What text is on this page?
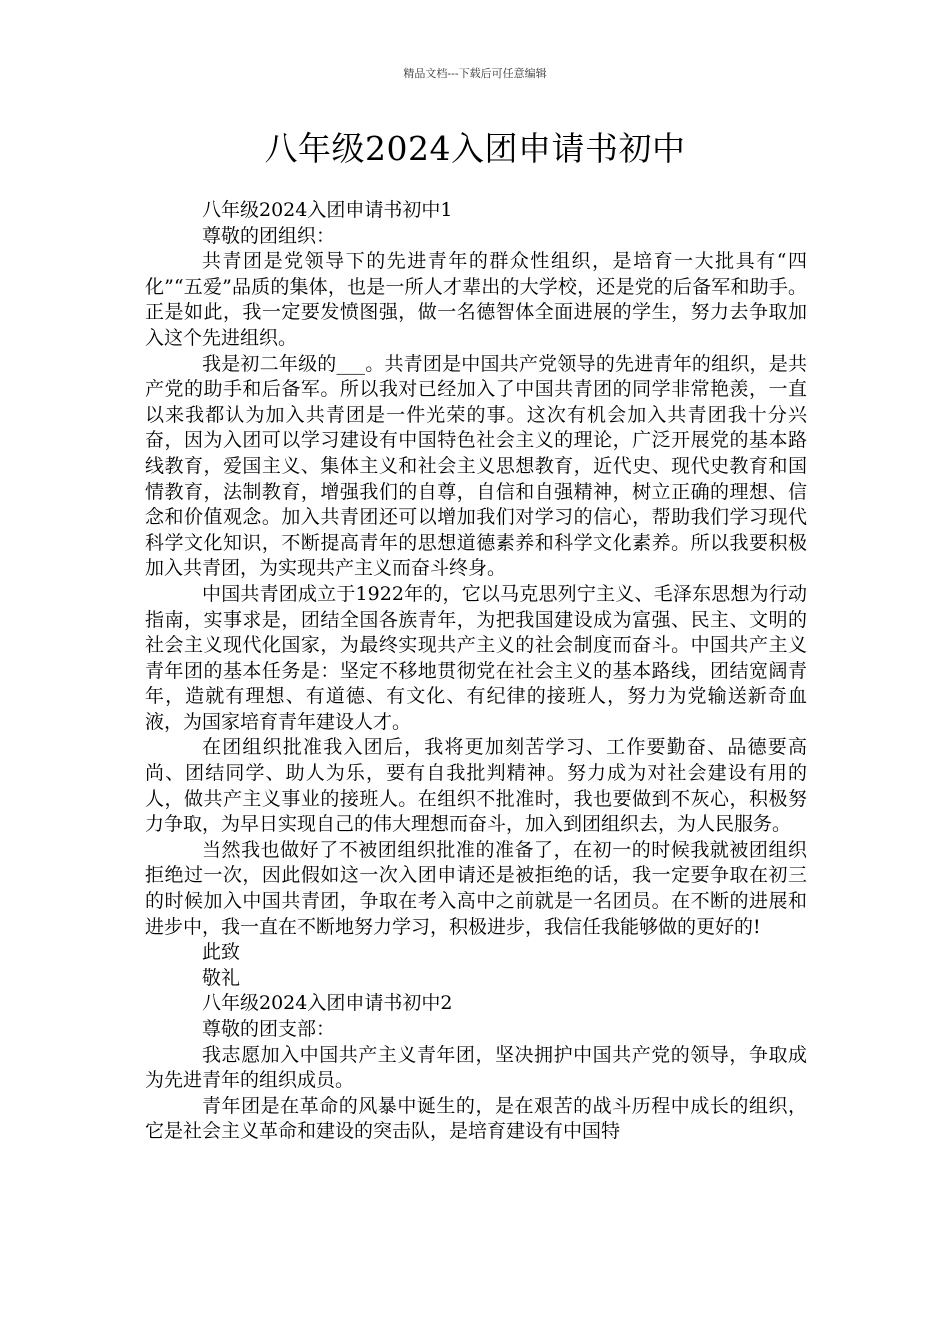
精品文档---下载后可任意编辑
八年级2024入团申请书初中

八年级2024入团申请书初中1

尊敬的团组织：

共青团是党领导下的先进青年的群众性组织，是培育一大批具有“四化”“五爱”品质的集体，也是一所人才辈出的大学校，还是党的后备军和助手。正是如此，我一定要发愤图强，做一名德智体全面进展的学生，努力去争取加入这个先进组织。

我是初二年级的___。共青团是中国共产党领导的先进青年的组织，是共产党的助手和后备军。所以我对已经加入了中国共青团的同学非常艳羡，一直以来我都认为加入共青团是一件光荣的事。这次有机会加入共青团我十分兴奋，因为入团可以学习建设有中国特色社会主义的理论，广泛开展党的基本路线教育，爱国主义、集体主义和社会主义思想教育，近代史、现代史教育和国情教育，法制教育，增强我们的自尊，自信和自强精神，树立正确的理想、信念和价值观念。加入共青团还可以增加我们对学习的信心，帮助我们学习现代科学文化知识，不断提高青年的思想道德素养和科学文化素养。所以我要积极加入共青团，为实现共产主义而奋斗终身。

中国共青团成立于1922年的，它以马克思列宁主义、毛泽东思想为行动指南，实事求是，团结全国各族青年，为把我国建设成为富强、民主、文明的社会主义现代化国家，为最终实现共产主义的社会制度而奋斗。中国共产主义青年团的基本任务是：坚定不移地贯彻党在社会主义的基本路线，团结宽阔青年，造就有理想、有道德、有文化、有纪律的接班人，努力为党输送新奇血液，为国家培育青年建设人才。

在团组织批准我入团后，我将更加刻苦学习、工作要勤奋、品德要高尚、团结同学、助人为乐，要有自我批判精神。努力成为对社会建设有用的人，做共产主义事业的接班人。在组织不批准时，我也要做到不灰心，积极努力争取，为早日实现自己的伟大理想而奋斗，加入到团组织去，为人民服务。

当然我也做好了不被团组织批准的准备了，在初一的时候我就被团组织拒绝过一次，因此假如这一次入团申请还是被拒绝的话，我一定要争取在初三的时候加入中国共青团，争取在考入高中之前就是一名团员。在不断的进展和进步中，我一直在不断地努力学习，积极进步，我信任我能够做的更好的!

此致

敬礼

八年级2024入团申请书初中2

尊敬的团支部：

我志愿加入中国共产主义青年团，坚决拥护中国共产党的领导，争取成为先进青年的组织成员。

青年团是在革命的风暴中诞生的，是在艰苦的战斗历程中成长的组织，它是社会主义革命和建设的突击队，是培育建设有中国特
